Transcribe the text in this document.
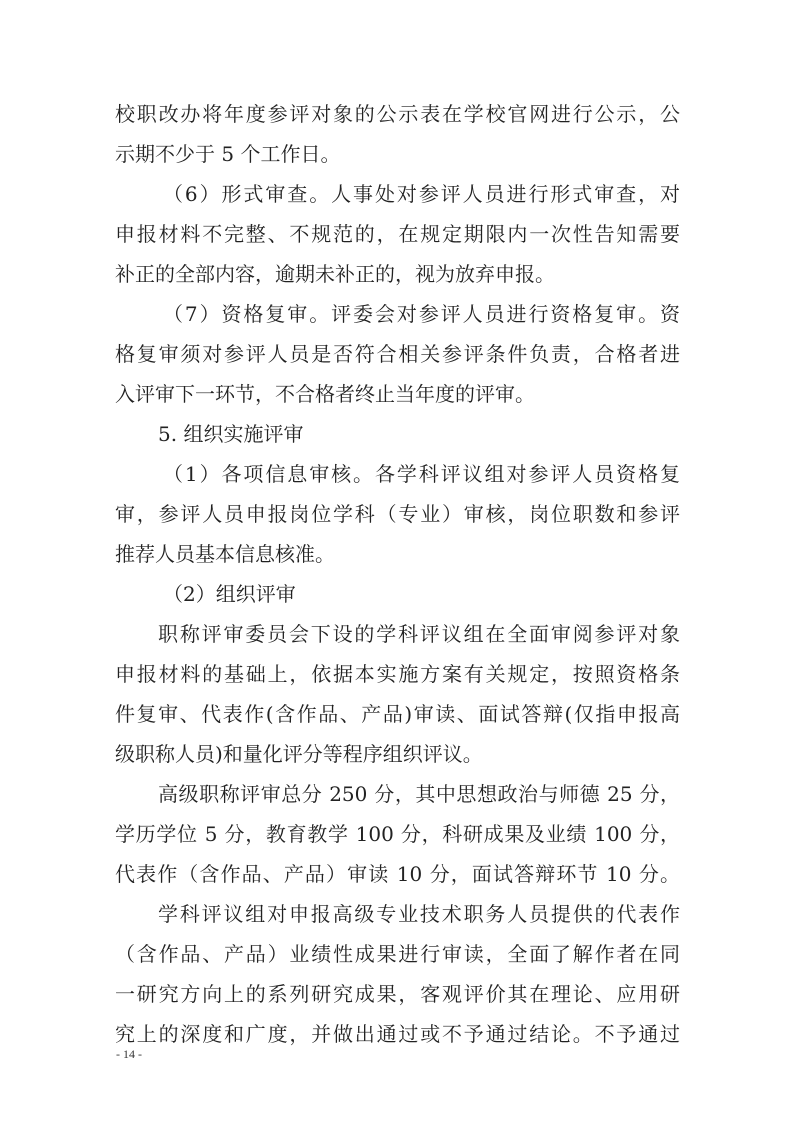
校职改办将年度参评对象的公示表在学校官网进行公示，公
示期不少于 5 个工作日。
（6）形式审查。人事处对参评人员进行形式审查，对
申报材料不完整、不规范的，在规定期限内一次性告知需要
补正的全部内容，逾期未补正的，视为放弃申报。
（7）资格复审。评委会对参评人员进行资格复审。资
格复审须对参评人员是否符合相关参评条件负责，合格者进
入评审下一环节，不合格者终止当年度的评审。
5. 组织实施评审
（1）各项信息审核。各学科评议组对参评人员资格复
审，参评人员申报岗位学科（专业）审核，岗位职数和参评
推荐人员基本信息核准。
（2）组织评审
职称评审委员会下设的学科评议组在全面审阅参评对象
申报材料的基础上，依据本实施方案有关规定，按照资格条
件复审、代表作(含作品、产品)审读、面试答辩(仅指申报高
级职称人员)和量化评分等程序组织评议。
高级职称评审总分 250 分，其中思想政治与师德 25 分，
学历学位 5 分，教育教学 100 分，科研成果及业绩 100 分，
代表作（含作品、产品）审读 10 分，面试答辩环节 10 分。
学科评议组对申报高级专业技术职务人员提供的代表作
（含作品、产品）业绩性成果进行审读，全面了解作者在同
一研究方向上的系列研究成果，客观评价其在理论、应用研
究上的深度和广度，并做出通过或不予通过结论。不予通过
- 14 -
